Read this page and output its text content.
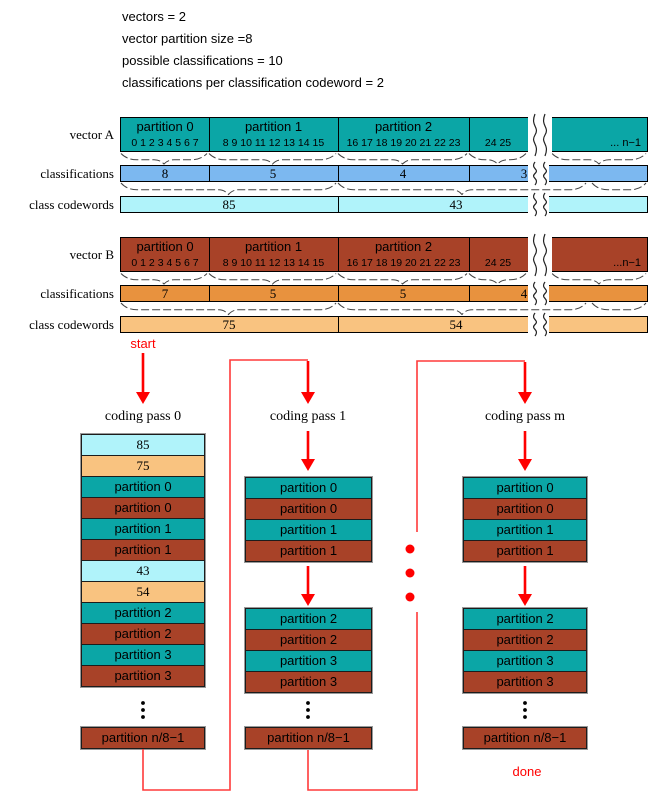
vectors = 2
vector partition size =8
possible classifications = 10
classifications per classification codeword = 2
vector A
partition 0	partition 1	partition 2
0 1 2 3 4 5 6 7	8 9 10 11 12 13 14 15	16 17 18 19 20 21 22 23	24 25	... n−1
classifications	8	5	4	3
class codewords	85	43
vector B
partition 0	partition 1	partition 2
0 1 2 3 4 5 6 7	8 9 10 11 12 13 14 15	16 17 18 19 20 21 22 23	24 25	...n−1
classifications	7	5	5	4
class codewords	75	54
start
done
coding pass 0	coding pass 1	coding pass m
85
75
partition 0
partition 0
partition 1
partition 1
43
54
partition 2
partition 2
partition 3
partition 3
partition n/8−1
partition 0
partition 0
partition 1
partition 1
partition 2
partition 2
partition 3
partition 3
partition n/8−1
partition 0
partition 0
partition 1
partition 1
partition 2
partition 2
partition 3
partition 3
partition n/8−1
